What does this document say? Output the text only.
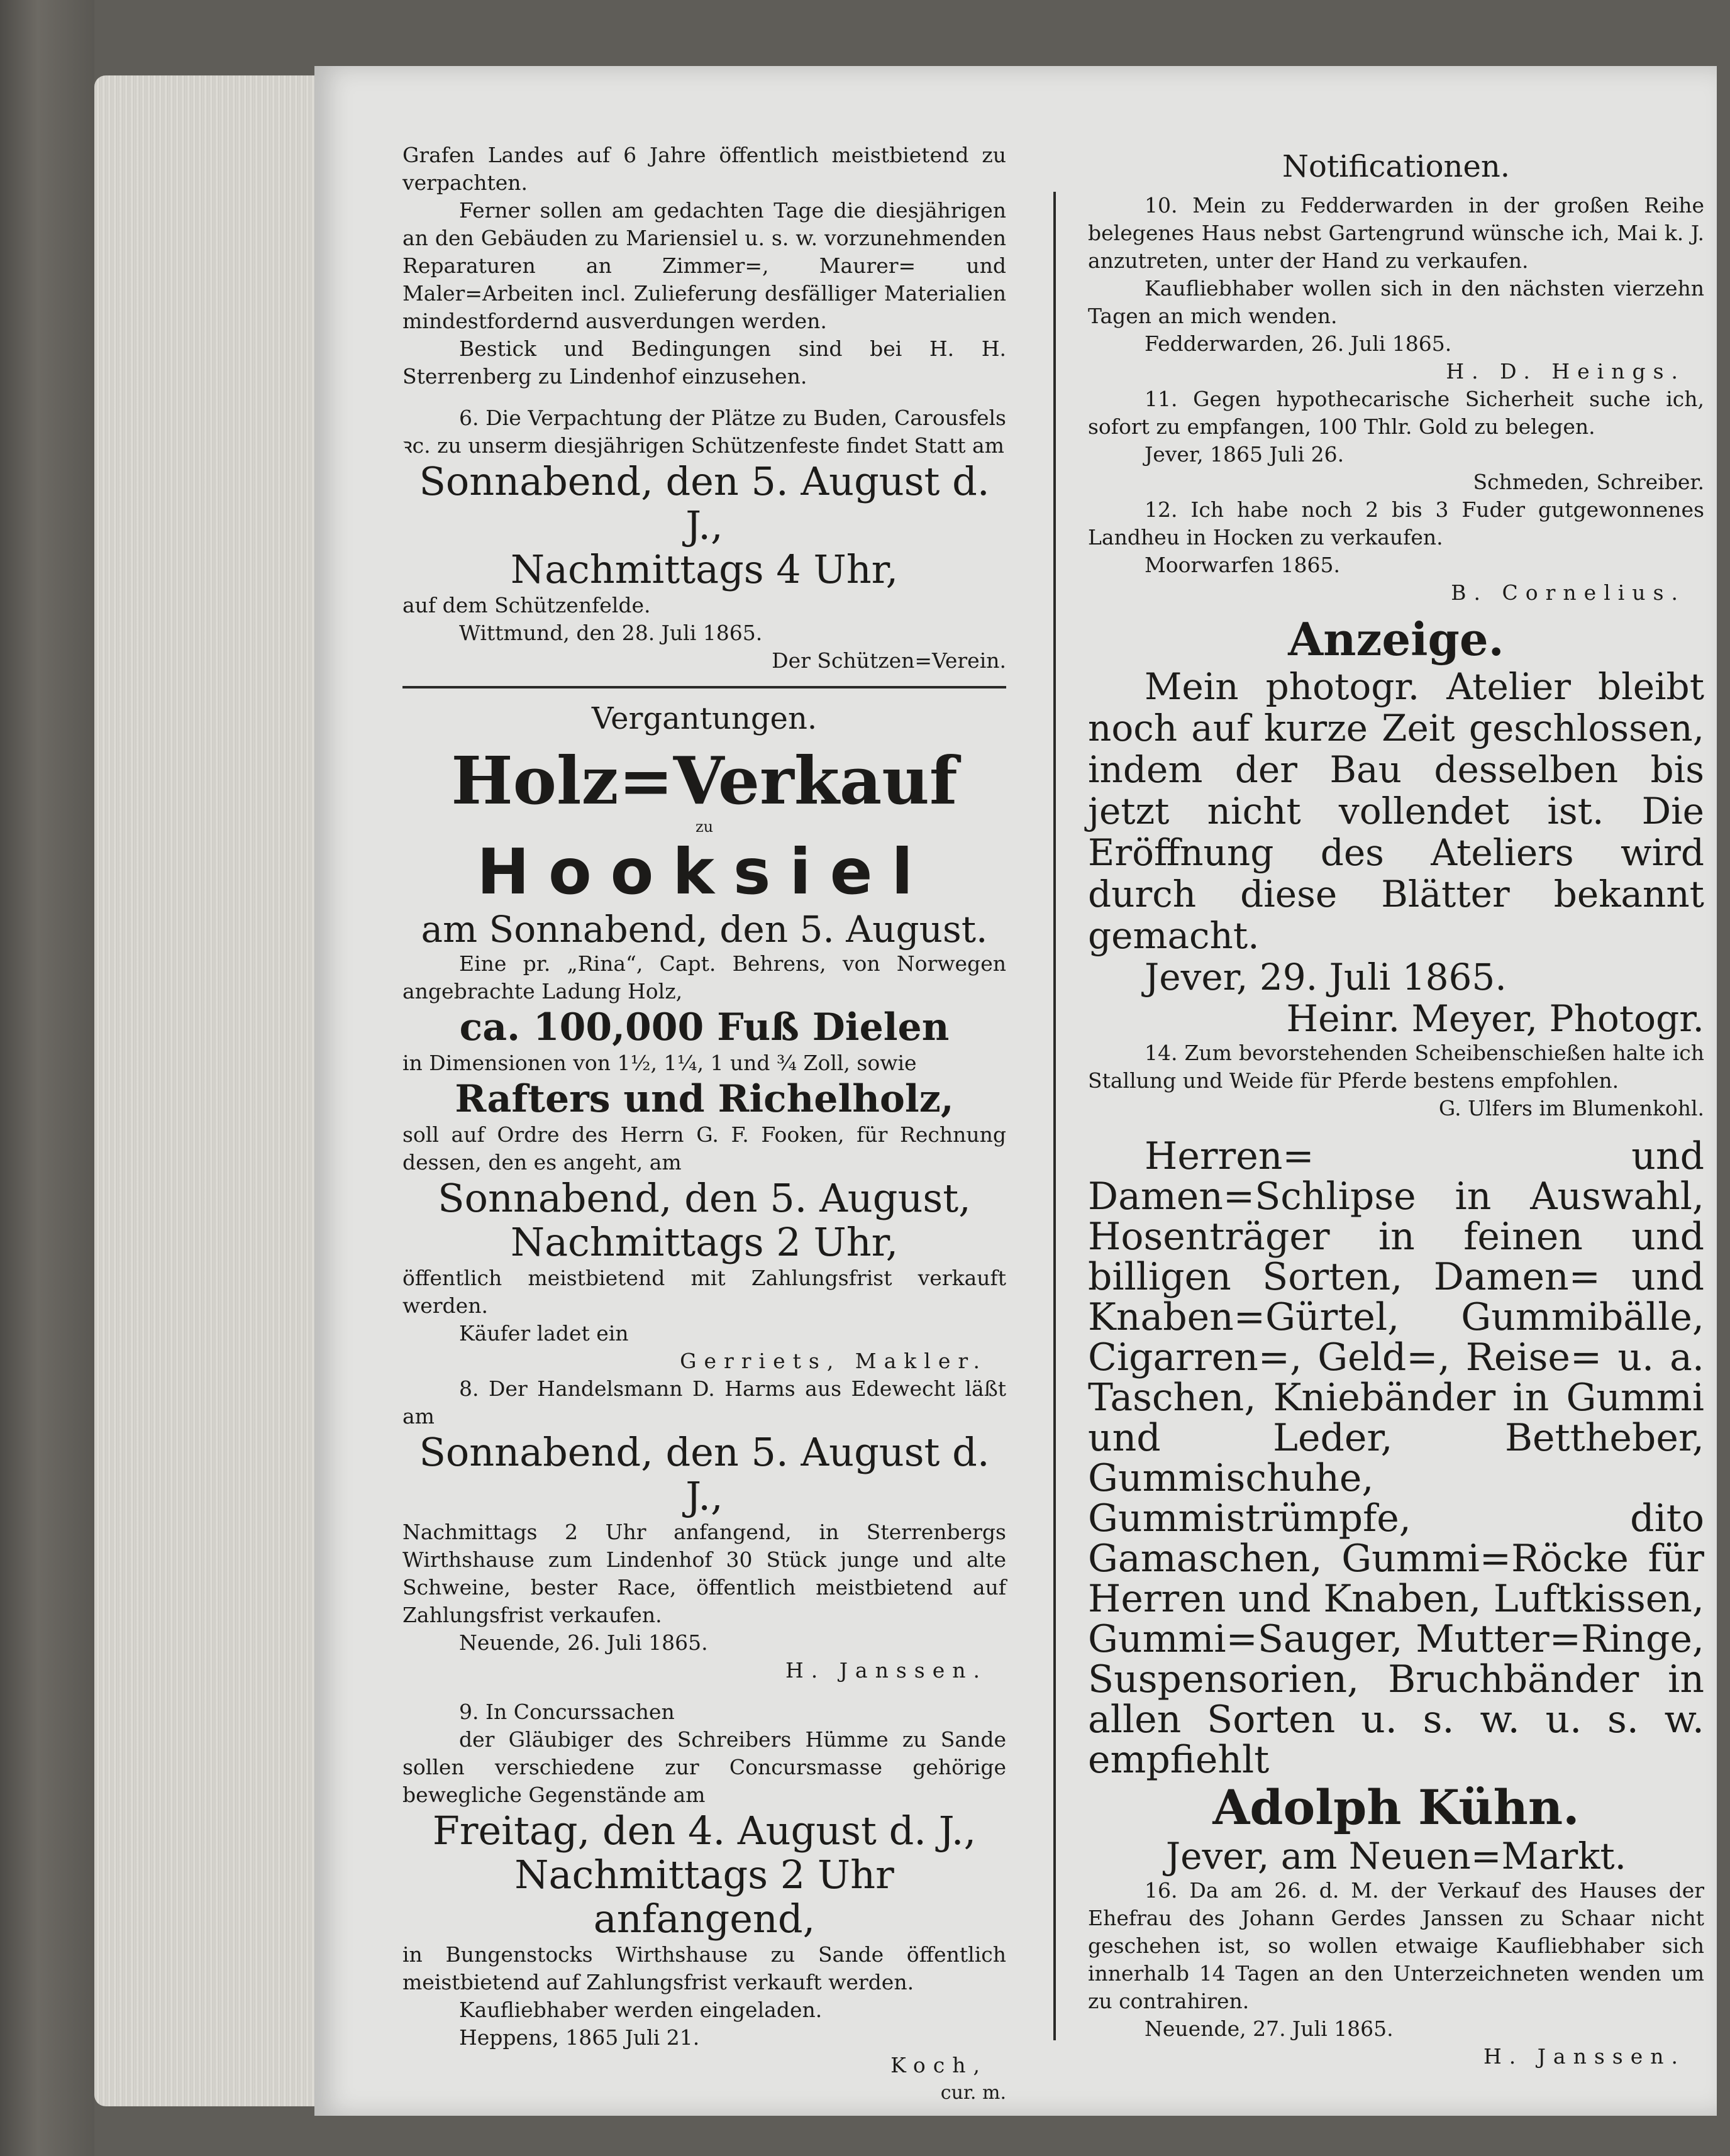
Grafen Landes auf 6 Jahre öffentlich meistbietend zu verpachten.

Ferner sollen am gedachten Tage die diesjährigen an den Gebäuden zu Mariensiel u. s. w. vorzunehmenden Reparaturen an Zimmer=, Maurer= und Maler=Arbeiten incl. Zulieferung desfälliger Materialien mindestfordernd ausverdungen werden.

Bestick und Bedingungen sind bei H. H. Sterrenberg zu Lindenhof einzusehen.

6. Die Verpachtung der Plätze zu Buden, Carousfels ꝛc. zu unserm diesjährigen Schützenfeste findet Statt am

Sonnabend, den 5. August d. J.,
Nachmittags 4 Uhr,

auf dem Schützenfelde.

Wittmund, den 28. Juli 1865.

Der Schützen=Verein.

Vergantungen.
Holz=Verkauf
zu
Hooksiel
am Sonnabend, den 5. August.

Eine pr. „Rina“, Capt. Behrens, von Norwegen angebrachte Ladung Holz,

ca. 100,000 Fuß Dielen

in Dimensionen von 1½, 1¼, 1 und ¾ Zoll, sowie

Rafters und Richelholz,

soll auf Ordre des Herrn G. F. Fooken, für Rechnung dessen, den es angeht, am

Sonnabend, den 5. August,
Nachmittags 2 Uhr,

öffentlich meistbietend mit Zahlungsfrist verkauft werden.

Käufer ladet ein

Gerriets, Makler.

8. Der Handelsmann D. Harms aus Edewecht läßt am

Sonnabend, den 5. August d. J.,

Nachmittags 2 Uhr anfangend, in Sterrenbergs Wirthshause zum Lindenhof 30 Stück junge und alte Schweine, bester Race, öffentlich meistbietend auf Zahlungsfrist verkaufen.

Neuende, 26. Juli 1865.

H. Janssen.

9. In Concurssachen

der Gläubiger des Schreibers Hümme zu Sande sollen verschiedene zur Concursmasse gehörige bewegliche Gegenstände am

Freitag, den 4. August d. J.,
Nachmittags 2 Uhr anfangend,

in Bungenstocks Wirthshause zu Sande öffentlich meistbietend auf Zahlungsfrist verkauft werden.

Kaufliebhaber werden eingeladen.

Heppens, 1865 Juli 21.

Koch,

cur. m.

Notificationen.

10. Mein zu Fedderwarden in der großen Reihe belegenes Haus nebst Gartengrund wünsche ich, Mai k. J. anzutreten, unter der Hand zu verkaufen.

Kaufliebhaber wollen sich in den nächsten vierzehn Tagen an mich wenden.

Fedderwarden, 26. Juli 1865.

H. D. Heings.

11. Gegen hypothecarische Sicherheit suche ich, sofort zu empfangen, 100 Thlr. Gold zu belegen.

Jever, 1865 Juli 26.

Schmeden, Schreiber.

12. Ich habe noch 2 bis 3 Fuder gutgewonnenes Landheu in Hocken zu verkaufen.

Moorwarfen 1865.

B. Cornelius.

Anzeige.

Mein photogr. Atelier bleibt noch auf kurze Zeit geschlossen, indem der Bau desselben bis jetzt nicht vollendet ist. Die Eröffnung des Ateliers wird durch diese Blätter bekannt gemacht.

Jever, 29. Juli 1865.

Heinr. Meyer, Photogr.

14. Zum bevorstehenden Scheibenschießen halte ich Stallung und Weide für Pferde bestens empfohlen.

G. Ulfers im Blumenkohl.

Herren= und Damen=Schlipse in Auswahl, Hosenträger in feinen und billigen Sorten, Damen= und Knaben=Gürtel, Gummibälle, Cigarren=, Geld=, Reise= u. a. Taschen, Kniebänder in Gummi und Leder, Bettheber, Gummischuhe, Gummistrümpfe, dito Gamaschen, Gummi=Röcke für Herren und Knaben, Luftkissen, Gummi=Sauger, Mutter=Ringe, Suspensorien, Bruchbänder in allen Sorten u. s. w. u. s. w. empfiehlt

Adolph Kühn.
Jever, am Neuen=Markt.

16. Da am 26. d. M. der Verkauf des Hauses der Ehefrau des Johann Gerdes Janssen zu Schaar nicht geschehen ist, so wollen etwaige Kaufliebhaber sich innerhalb 14 Tagen an den Unterzeichneten wenden um zu contrahiren.

Neuende, 27. Juli 1865.

H. Janssen.
